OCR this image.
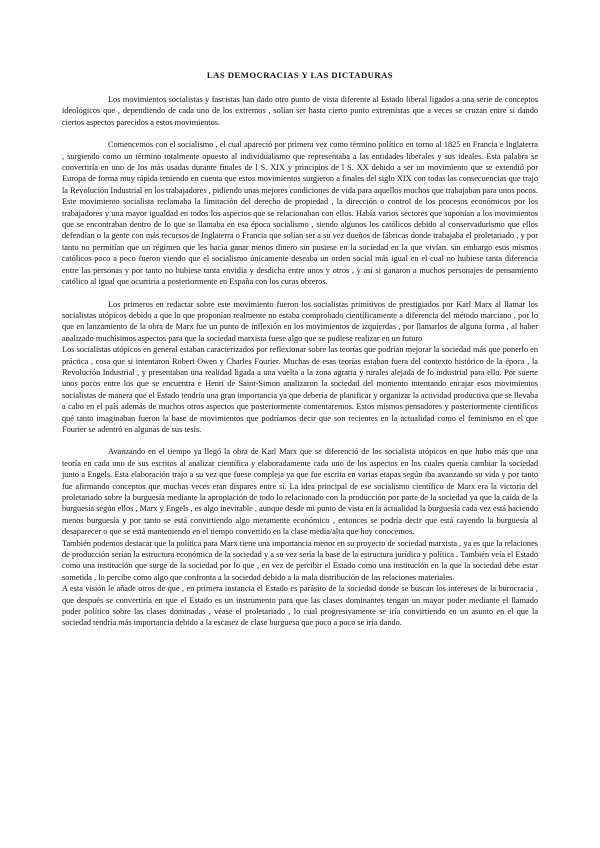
LAS DEMOCRACIAS Y LAS DICTADURAS

Los movimientos socialistas y fascistas han dado otro punto de vista diferente al Estado liberal ligados a una serie de conceptos ideológicos que , dependiendo de cada uno de los extremos , solían ser hasta cierto punto extremistas que a veces se cruzan entre sí dando ciertos aspectos parecidos a estos movimientos.

Comencemos con el socialismo , el cual apareció por primera vez como término político en torno al 1825 en Francia e Inglaterra , surgiendo como un término totalmente opuesto al individualismo que representaba a las entidades liberales y sus ideales. Esta palabra se convertiría en uno de los más usadas durante finales de l S. XIX y principios de l S. XX debido a ser un movimiento que se extendió por Europa de forma muy rápida teniendo en cuenta que estos movimientos surgieron a finales del siglo XIX con todas las consecuencias que trajo la Revolución Industrial en los trabajadores , pidiendo unas mejores condiciones de vida para aquellos muchos que trabajaban para unos pocos. Este movimiento socialista reclamaba la limitación del derecho de propiedad , la dirección o control de los procesos económicos por los trabajadores y una mayor igualdad en todos los aspectos que se relacionaban con ellos. Había varios sectores que suponían a los movimientos que se encontraban dentro de lo que se llamaba en esa época socialismo , siendo algunos los católicos debido al conservadurismo que ellos defendían o la gente con más recursos de Inglaterra o Francia que solían ser a su vez dueños de fábricas donde trabajaba el proletariado , y por tanto no permitían que un régimen que les hacía ganar menos dinero sin pusiese en la sociedad en la que vivían. sin embargo esos mismos católicos poco a poco fueron viendo que el socialismo únicamente deseaba un orden social más igual en el cual no hubiese tanta diferencia entre las personas y por tanto no hubiese tanta envidia y desdicha entre unos y otros , y así si ganaron a muchos personajes de pensamiento católico al igual que ocurriría a posteriormente en España con los curas obreros.

Los primeros en redactar sobre este movimiento fueron los socialistas primitivos de prestigiados por Karl Marx al llamar los socialistas utópicos debido a que lo que proponían realmente no estaba comprobado científicamente a diferencia del método marciano , por lo que en lanzamiento de la obra de Marx fue un punto de inflexión en los movimientos de izquierdas , por llamarlos de alguna forma , al haber analizado muchísimos aspectos para que la sociedad marxista fuese algo que se pudiese realizar en un futuro

Los socialistas utópicos en general estaban caracterizados por reflexionar sobre las teorías que podrían mejorar la sociedad más que ponerlo en práctica , cosa que si intentaron Robert Owen y Charles Fourier. Muchas de esas teorías estaban fuera del contexto histórico de la época , la Revolución Industrial , y presentaban una realidad ligada a una vuelta a la zona agraria y rurales alejada de lo industrial para ello. Por suerte unos pocos entre los que se encuentra e Henri de Saint-Simon analizaron la sociedad del momento intentando encajar esos movimientos socialistas de manera que el Estado tendría una gran importancia ya que debería de planificar y organizar la actividad productiva que se llevaba a cabo en el país además de muchos otros aspectos que posteriormente comentaremos. Estos mismos pensadores y posteriormente científicos qué tanto imaginaban fueron la base de movimientos que podríamos decir que son recientes en la actualidad como el feminismo en el que Fourier se adentró en algunas de sus tesis.

Avanzando en el tiempo ya llegó la obra de Karl Marx que se diferenció de los socialista utópicos en que hubo más que una teoría en cada uno de sus escritos al analizar científica y elaboradamente cada uno de los aspectos en los cuales quería cambiar la sociedad junto a Engels. Esta elaboración trajo a su vez que fuese compleja ya que fue escrita en varias etapas según iba avanzando su vida y por tanto fue afirmando conceptos que muchas veces eran dispares entre sí. La idea principal de ese socialismo científico de Marx era la victoria del proletariado sobre la burguesía mediante la apropiación de todo lo relacionado con la producción por parte de la sociedad ya que la caída de la burguesía según ellos , Marx y Engels , es algo inevitable , aunque desde mi punto de vista en la actualidad la burguesía cada vez está haciendo menos burguesía y por tanto se está convirtiendo algo meramente económico , entonces se podría decir que está cayendo la burguesía al desaparecer o que se está manteniendo en el tiempo convertido en la clase media/alta que hoy conocemos.

También podemos destacar que la política para Marx tiene una importancia menor en su proyecto de sociedad marxista , ya es que la relaciones de producción serían la estructura económica de la sociedad y a su vez sería la base de la estructura jurídica y política . También veía el Estado como una institución que surge de la sociedad por lo que , en vez de percibir el Estado como una institución en la que la sociedad debe estar sometida , lo percibe como algo que confronta a la sociedad debido a la mala distribución de las relaciones materiales.

A esta visión le añade otros de que , en primera instancia el Estado es parásito de la sociedad donde se buscan los intereses de la burocracia , que después se convertiría en que el Estado es un instrumento para que las clases dominantes tengan un mayor poder mediante el llamado poder político sobre las clases dominadas , véase el proletariado , lo cual progresivamente se iría convirtiendo en un asunto en el que la sociedad tendría más importancia debido a la escasez de clase burguesa que poco a poco se iría dando.
